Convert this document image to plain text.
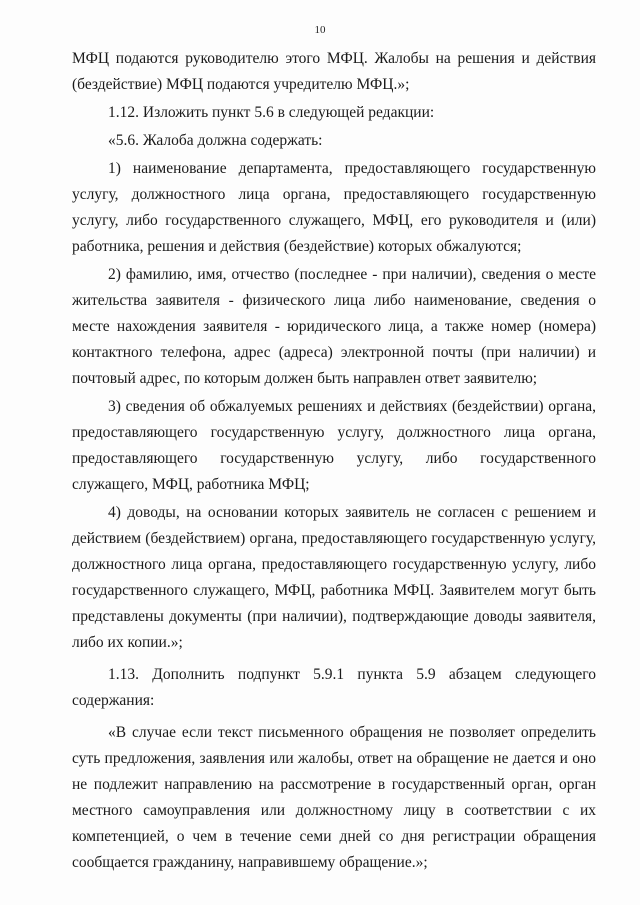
10

МФЦ подаются руководителю этого МФЦ. Жалобы на решения и действия (бездействие) МФЦ подаются учредителю МФЦ.»;

1.12. Изложить пункт 5.6 в следующей редакции:

«5.6. Жалоба должна содержать:

1) наименование департамента, предоставляющего государственную услугу, должностного лица органа, предоставляющего государственную услугу, либо государственного служащего, МФЦ, его руководителя и (или) работника, решения и действия (бездействие) которых обжалуются;

2) фамилию, имя, отчество (последнее - при наличии), сведения о месте жительства заявителя - физического лица либо наименование, сведения о месте нахождения заявителя - юридического лица, а также номер (номера) контактного телефона, адрес (адреса) электронной почты (при наличии) и почтовый адрес, по которым должен быть направлен ответ заявителю;

3) сведения об обжалуемых решениях и действиях (бездействии) органа, предоставляющего государственную услугу, должностного лица органа, предоставляющего государственную услугу, либо государственного служащего, МФЦ, работника МФЦ;

4) доводы, на основании которых заявитель не согласен с решением и действием (бездействием) органа, предоставляющего государственную услугу, должностного лица органа, предоставляющего государственную услугу, либо государственного служащего, МФЦ, работника МФЦ. Заявителем могут быть представлены документы (при наличии), подтверждающие доводы заявителя, либо их копии.»;

1.13. Дополнить подпункт 5.9.1 пункта 5.9 абзацем следующего содержания:

«В случае если текст письменного обращения не позволяет определить суть предложения, заявления или жалобы, ответ на обращение не дается и оно не подлежит направлению на рассмотрение в государственный орган, орган местного самоуправления или должностному лицу в соответствии с их компетенцией, о чем в течение семи дней со дня регистрации обращения сообщается гражданину, направившему обращение.»;
